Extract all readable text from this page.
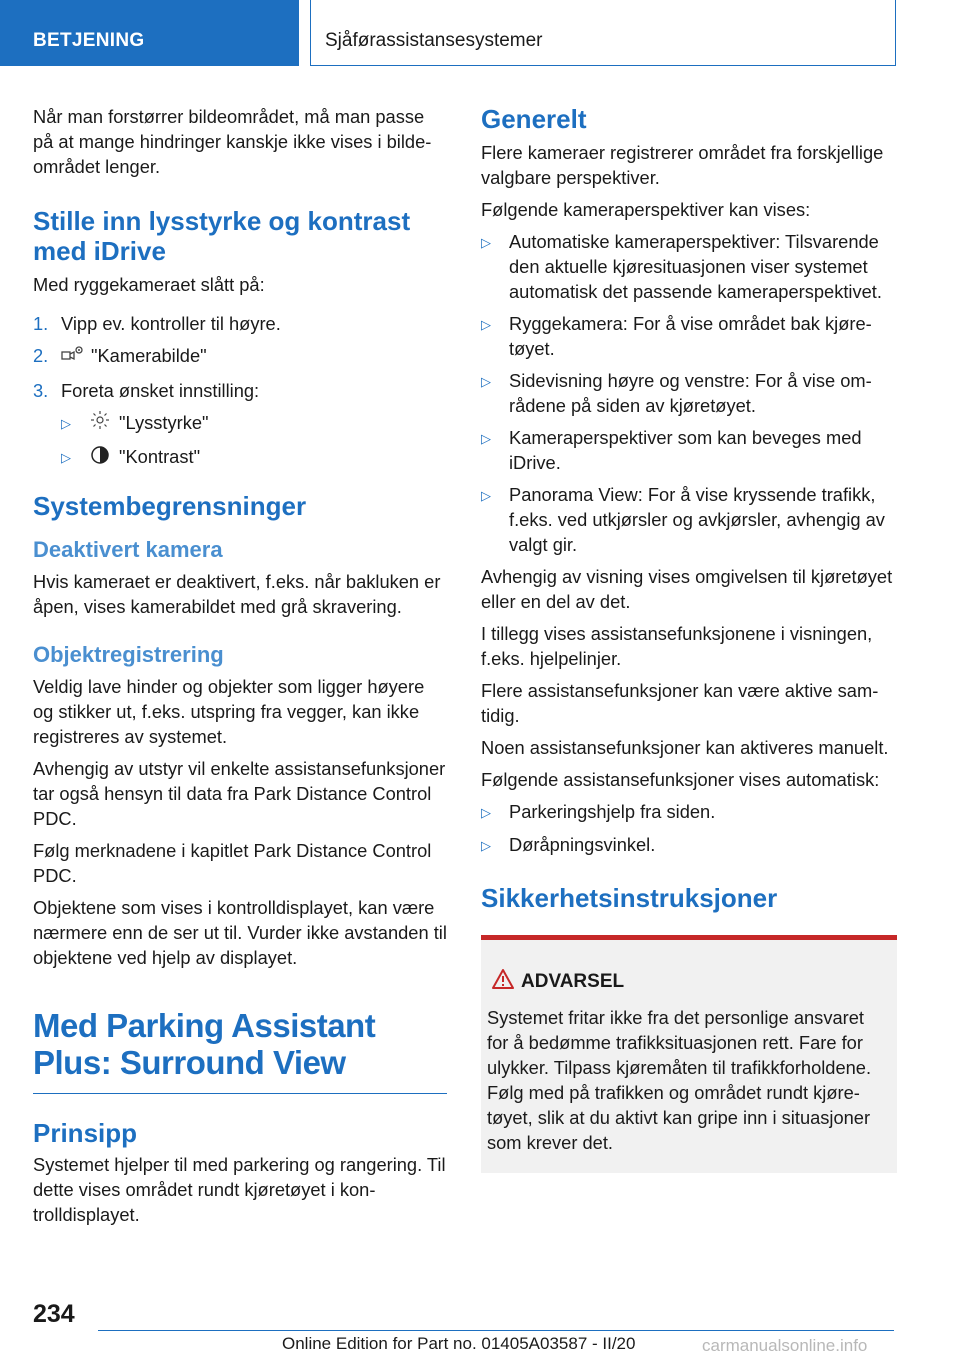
BETJENING	Sjåførassistansesystemer

Når man forstørrer bildeområdet, må man passe på at mange hindringer kanskje ikke vises i bildeområdet lenger.

Stille inn lysstyrke og kontrast med iDrive

Med ryggekameraet slått på:

1. Vipp ev. kontroller til høyre.
2.	"Kamerabilde"
3. Foreta ønsket innstilling:
▷	"Lysstyrke"
▷	"Kontrast"
Systembegrensninger
Deaktivert kamera

Hvis kameraet er deaktivert, f.eks. når bakluken er åpen, vises kamerabildet med grå skravering.

Objektregistrering

Veldig lave hinder og objekter som ligger høyere og stikker ut, f.eks. utspring fra vegger, kan ikke registreres av systemet.

Avhengig av utstyr vil enkelte assistansefunksjoner tar også hensyn til data fra Park Distance Control PDC.

Følg merknadene i kapitlet Park Distance Control PDC.

Objektene som vises i kontrolldisplayet, kan være nærmere enn de ser ut til. Vurder ikke avstanden til objektene ved hjelp av displayet.

Med Parking Assistant Plus: Surround View
Prinsipp

Systemet hjelper til med parkering og rangering. Til dette vises området rundt kjøretøyet i kontrolldisplayet.

Generelt

Flere kameraer registrerer området fra forskjellige valgbare perspektiver.

Følgende kameraperspektiver kan vises:

▷ Automatiske kameraperspektiver: Tilsvarende den aktuelle kjøresituasjonen viser systemet automatisk det passende kameraperspektivet.
▷ Ryggekamera: For å vise området bak kjøretøyet.
▷ Sidevisning høyre og venstre: For å vise områdene på siden av kjøretøyet.
▷ Kameraperspektiver som kan beveges med iDrive.
▷ Panorama View: For å vise kryssende trafikk, f.eks. ved utkjørsler og avkjørsler, avhengig av valgt gir.

Avhengig av visning vises omgivelsen til kjøretøyet eller en del av det.

I tillegg vises assistansefunksjonene i visningen, f.eks. hjelpelinjer.

Flere assistansefunksjoner kan være aktive samtidig.

Noen assistansefunksjoner kan aktiveres manuelt.

Følgende assistansefunksjoner vises automatisk:

▷ Parkeringshjelp fra siden.
▷ Døråpningsvinkel.
Sikkerhetsinstruksjoner
ADVARSEL

Systemet fritar ikke fra det personlige ansvaret for å bedømme trafikksituasjonen rett. Fare for ulykker. Tilpass kjøremåten til trafikkforholdene. Følg med på trafikken og området rundt kjøretøyet, slik at du aktivt kan gripe inn i situasjoner som krever det.

234
Online Edition for Part no. 01405A03587 - II/20	carmanualsonline.info
